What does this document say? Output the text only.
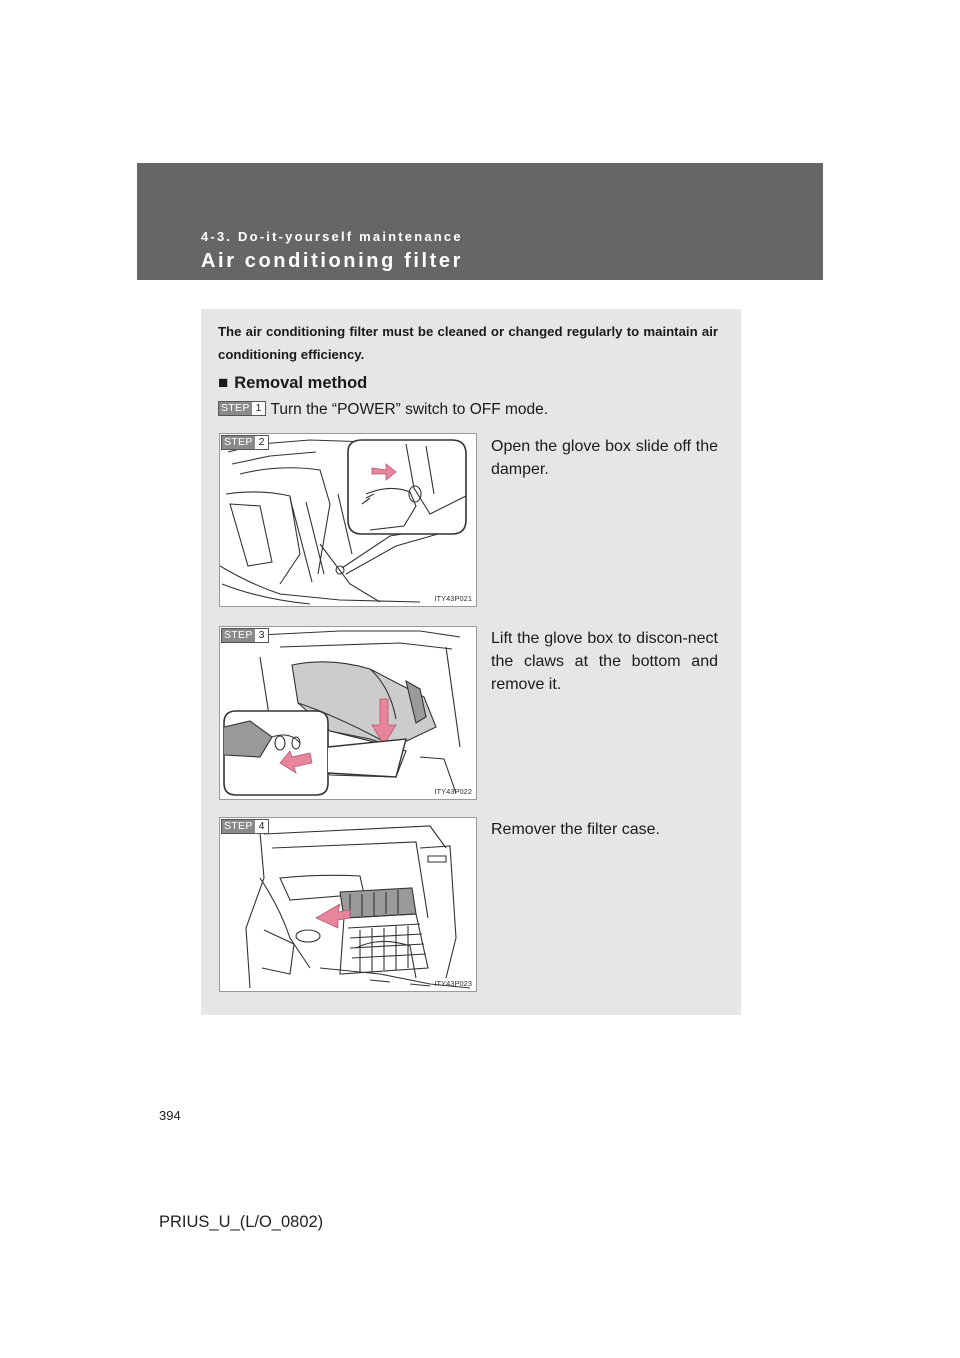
4-3. Do-it-yourself maintenance
Air conditioning filter
The air conditioning filter must be cleaned or changed regularly to maintain air conditioning efficiency.
■ Removal method
STEP 1 Turn the “POWER” switch to OFF mode.
STEP 2
ITY43P021
Open the glove box slide off the damper.
STEP 3
ITY43P022
Lift the glove box to discon-nect the claws at the bottom and remove it.
STEP 4
ITY43P023
Remover the filter case.
394
PRIUS_U_(L/O_0802)
